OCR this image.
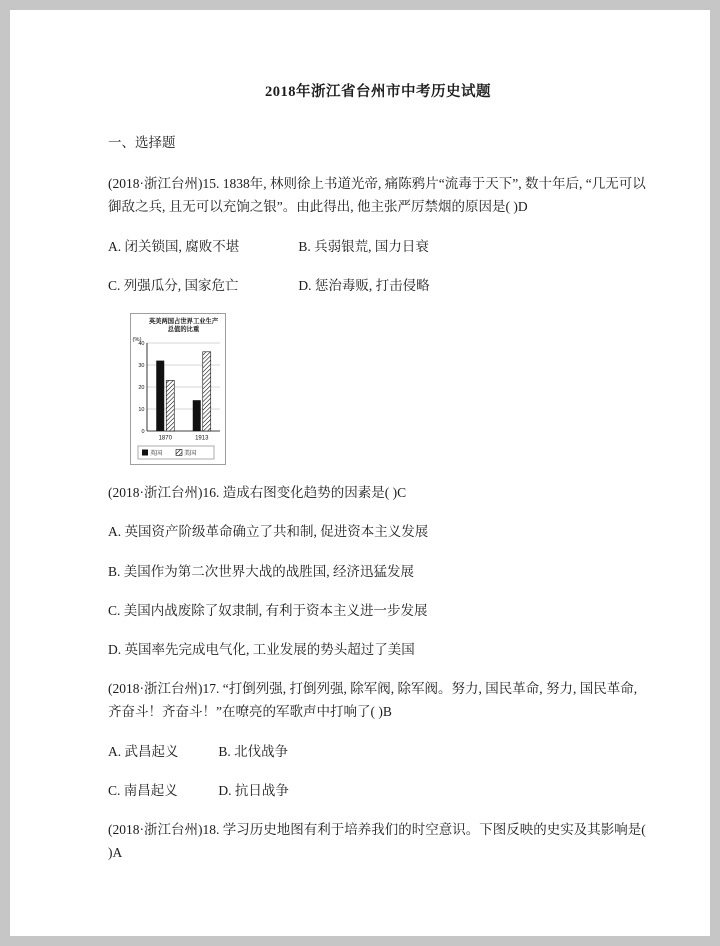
2018年浙江省台州市中考历史试题

一、选择题

(2018·浙江台州)15. 1838年, 林则徐上书道光帝, 痛陈鸦片“流毒于天下”, 数十年后, “几无可以御敌之兵, 且无可以充饷之银”。由此得出, 他主张严厉禁烟的原因是( )D

A. 闭关锁国, 腐败不堪	B. 兵弱银荒, 国力日衰

C. 列强瓜分, 国家危亡	D. 惩治毒贩, 打击侵略

英美两国占世界工业生产
总值的比重
(%)
0
10
20
30
40
1870	1913
英国	美国

(2018·浙江台州)16. 造成右图变化趋势的因素是( )C

A. 英国资产阶级革命确立了共和制, 促进资本主义发展

B. 美国作为第二次世界大战的战胜国, 经济迅猛发展

C. 美国内战废除了奴隶制, 有利于资本主义进一步发展

D. 英国率先完成电气化, 工业发展的势头超过了美国

(2018·浙江台州)17. “打倒列强, 打倒列强, 除军阀, 除军阀。努力, 国民革命, 努力, 国民革命, 齐奋斗！齐奋斗！”在嘹亮的军歌声中打响了( )B

A. 武昌起义	B. 北伐战争

C. 南昌起义	D. 抗日战争

(2018·浙江台州)18. 学习历史地图有利于培养我们的时空意识。下图反映的史实及其影响是( )A
